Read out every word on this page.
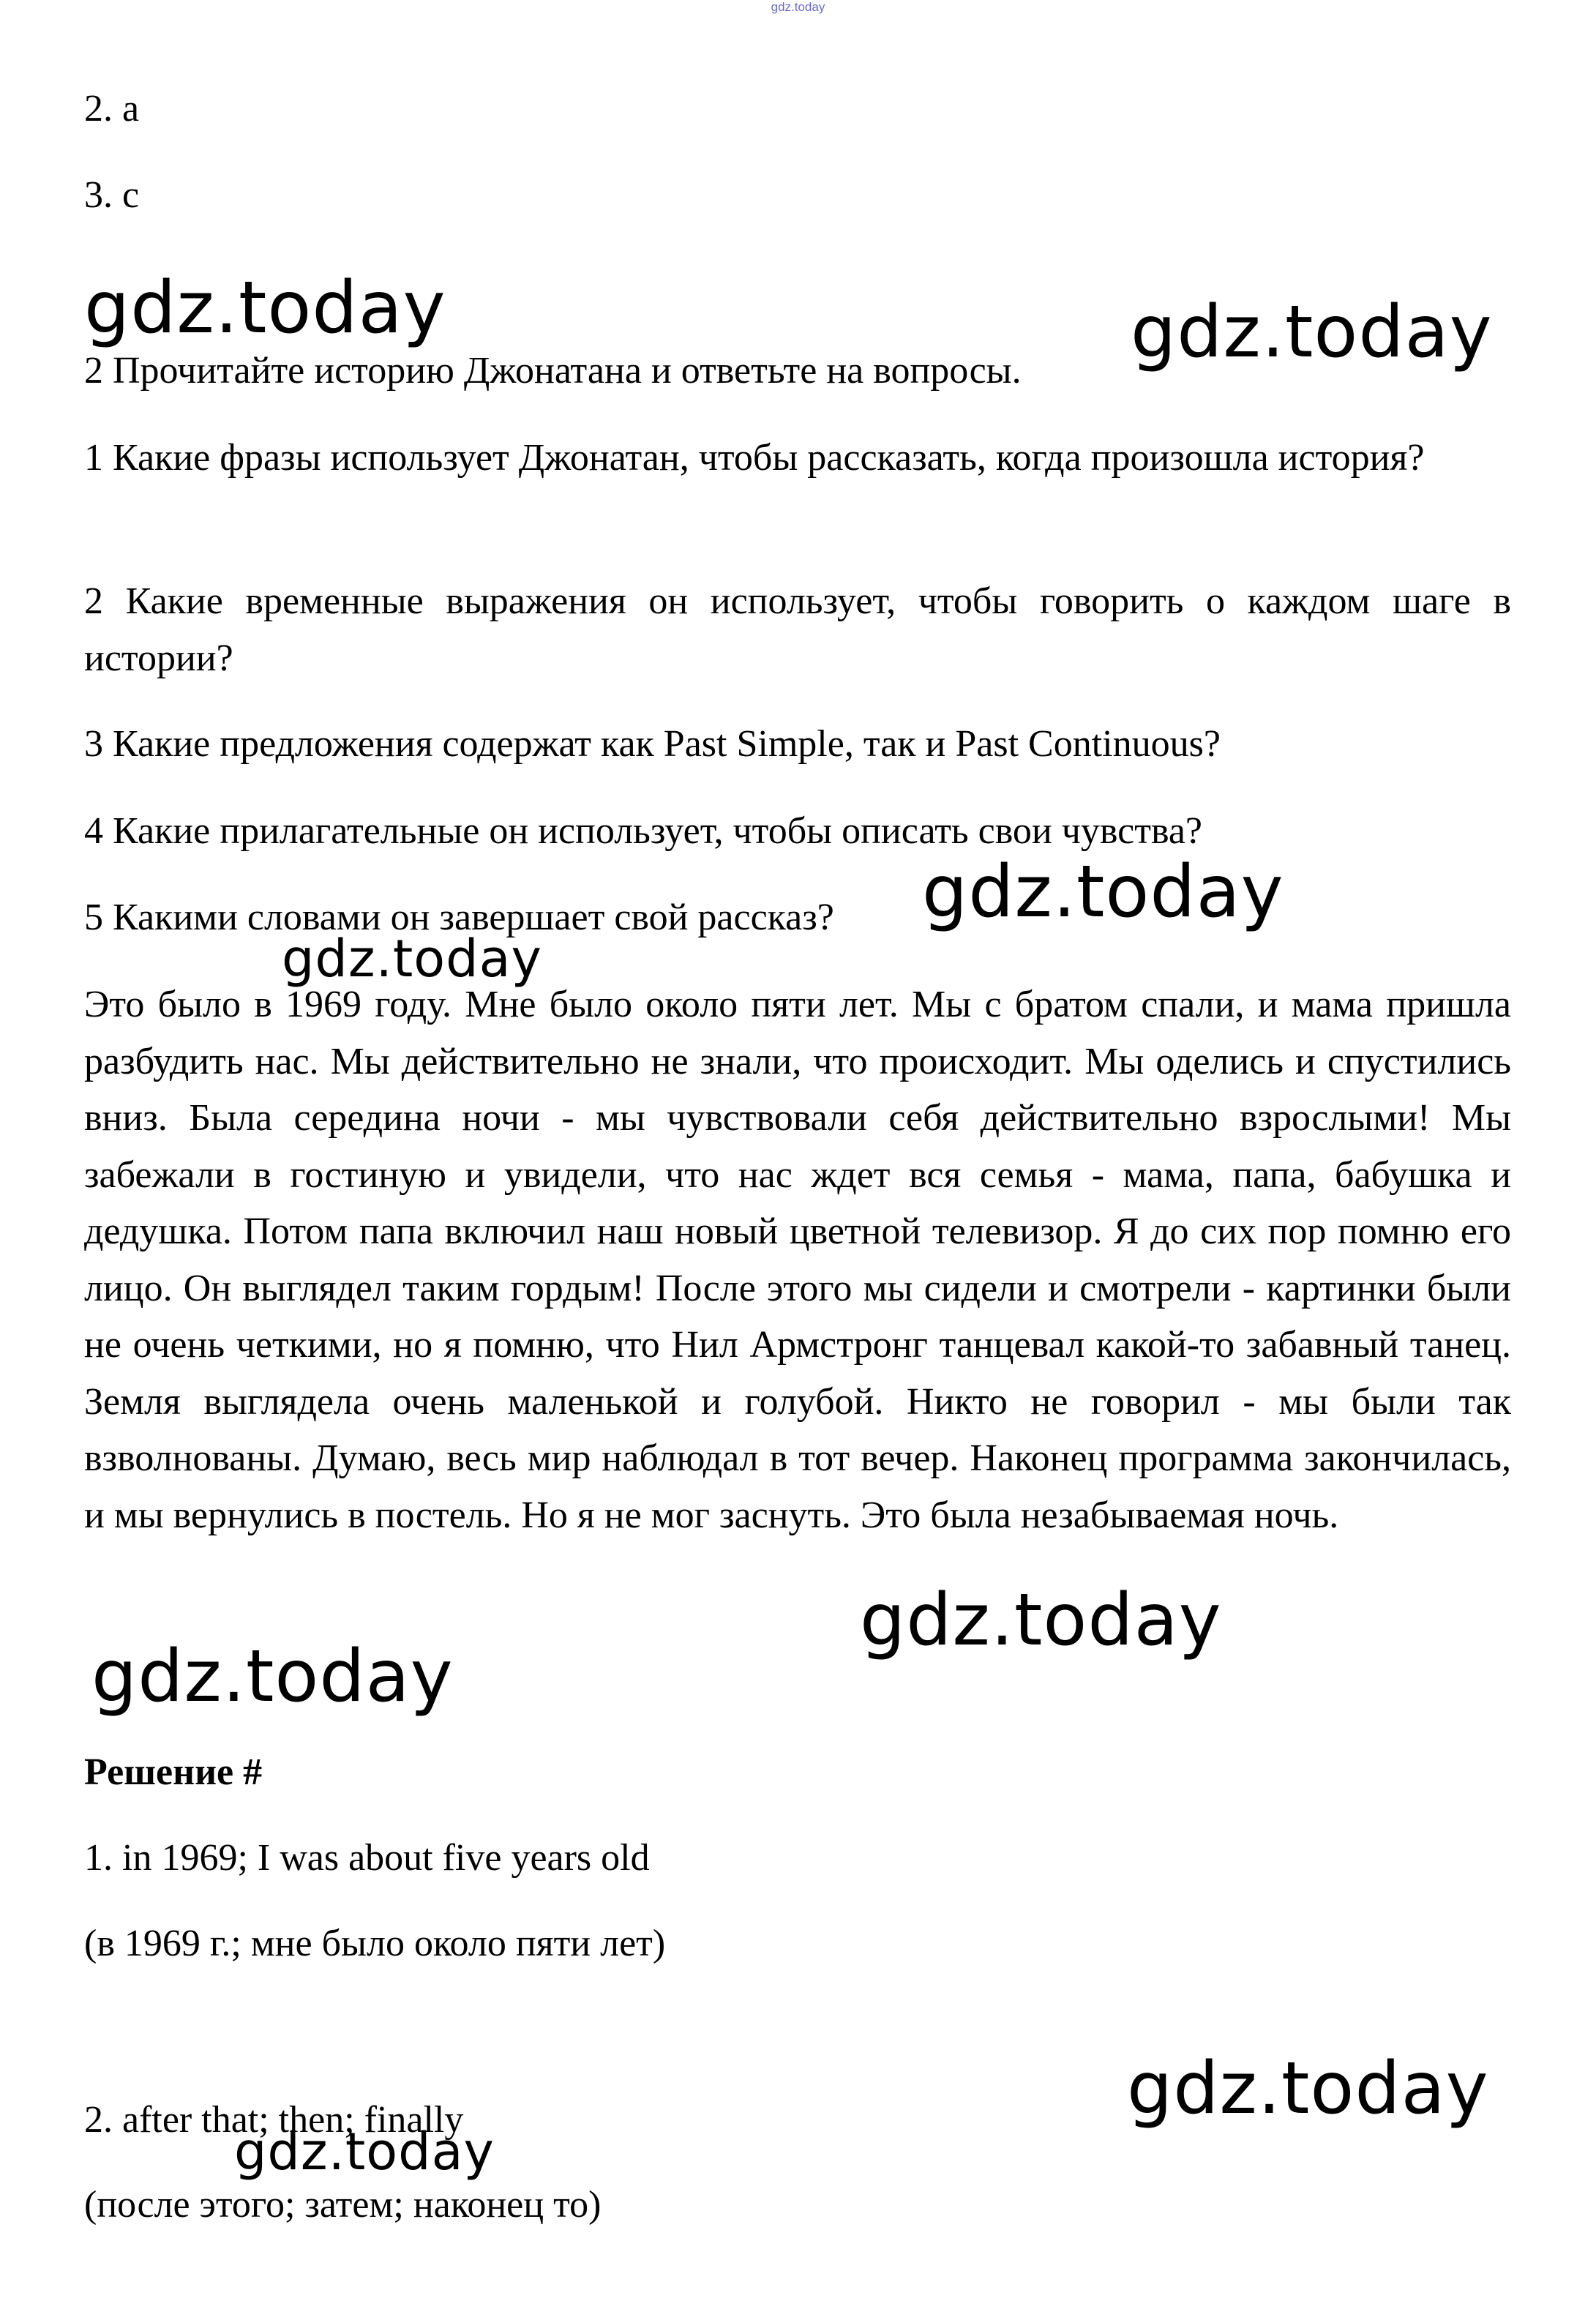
gdz.today
2. a
3. c
2 Прочитайте историю Джонатана и ответьте на вопросы.
1 Какие фразы использует Джонатан, чтобы рассказать, когда произошла история?
2 Какие временные выражения он использует, чтобы говорить о каждом шаге в истории?
3 Какие предложения содержат как Past Simple, так и Past Continuous?
4 Какие прилагательные он использует, чтобы описать свои чувства?
5 Какими словами он завершает свой рассказ?
Это было в 1969 году. Мне было около пяти лет. Мы с братом спали, и мама пришла разбудить нас. Мы действительно не знали, что происходит. Мы оделись и спустились вниз. Была середина ночи - мы чувствовали себя действительно взрослыми! Мы забежали в гостиную и увидели, что нас ждет вся семья - мама, папа, бабушка и дедушка. Потом папа включил наш новый цветной телевизор. Я до сих пор помню его лицо. Он выглядел таким гордым! После этого мы сидели и смотрели - картинки были не очень четкими, но я помню, что Нил Армстронг танцевал какой-то забавный танец. Земля выглядела очень маленькой и голубой. Никто не говорил - мы были так взволнованы. Думаю, весь мир наблюдал в тот вечер. Наконец программа закончилась, и мы вернулись в постель. Но я не мог заснуть. Это была незабываемая ночь.
Решение #
1. in 1969; I was about five years old
(в 1969 г.; мне было около пяти лет)
2. after that; then; finally
(после этого; затем; наконец то)
gdz.today	gdz.today
gdz.today
gdz.today
gdz.today
gdz.today
gdz.today
gdz.today
